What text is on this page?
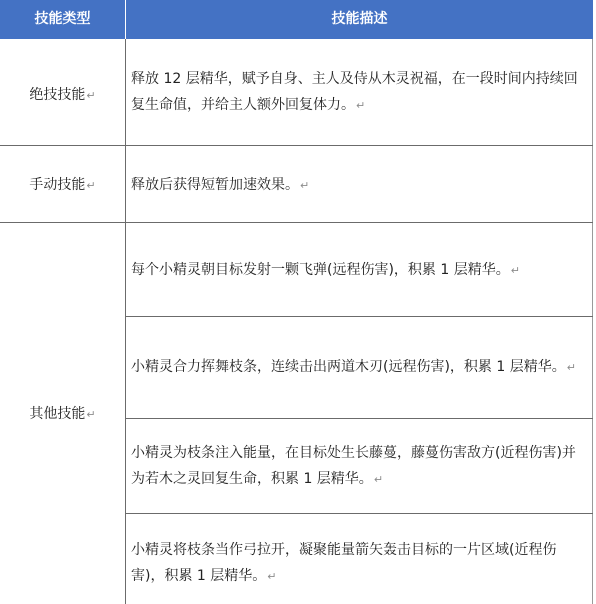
技能类型	技能描述
绝技技能↵
释放 12 层精华，赋予自身、主人及侍从木灵祝福，在一段时间内持续回复生命值，并给主人额外回复体力。↵
手动技能↵	释放后获得短暂加速效果。↵
其他技能↵
每个小精灵朝目标发射一颗飞弹(远程伤害)，积累 1 层精华。↵
小精灵合力挥舞枝条，连续击出两道木刃(远程伤害)，积累 1 层精华。↵
小精灵为枝条注入能量，在目标处生长藤蔓，藤蔓伤害敌方(近程伤害)并为若木之灵回复生命，积累 1 层精华。↵
小精灵将枝条当作弓拉开，凝聚能量箭矢轰击目标的一片区域(近程伤害)，积累 1 层精华。↵
